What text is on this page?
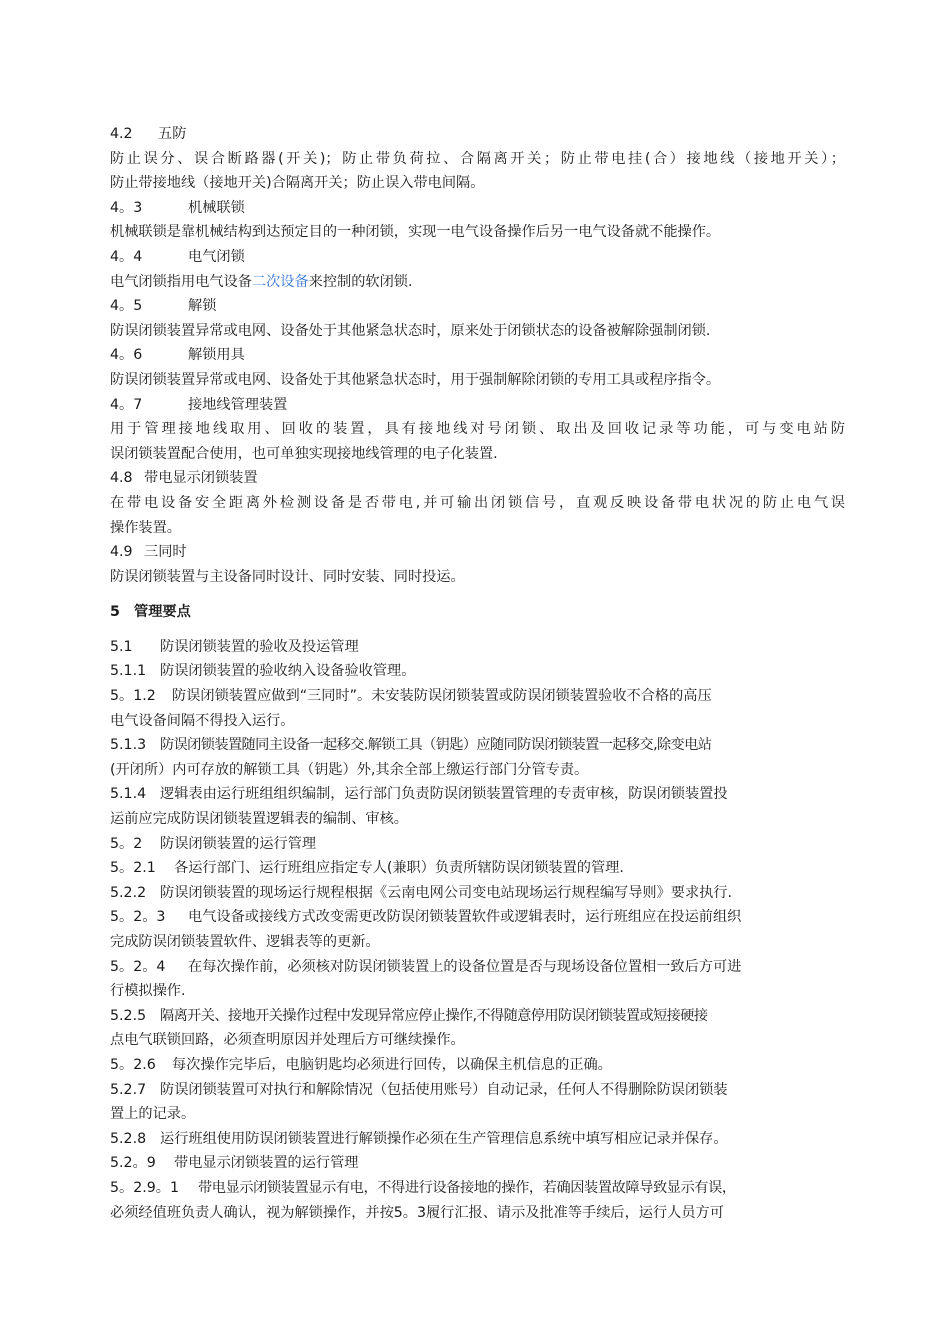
4.2 五防
防止误分、误合断路器(开关)；防止带负荷拉、合隔离开关；防止带电挂(合）接地线（接地开关）；
防止带接地线（接地开关)合隔离开关；防止误入带电间隔。
4。3	机械联锁
机械联锁是靠机械结构到达预定目的一种闭锁，实现一电气设备操作后另一电气设备就不能操作。
4。4	电气闭锁
电气闭锁指用电气设备二次设备来控制的软闭锁.
4。5	解锁
防误闭锁装置异常或电网、设备处于其他紧急状态时，原来处于闭锁状态的设备被解除强制闭锁.
4。6	解锁用具
防误闭锁装置异常或电网、设备处于其他紧急状态时，用于强制解除闭锁的专用工具或程序指令。
4。7	接地线管理装置
用于管理接地线取用、回收的装置，具有接地线对号闭锁、取出及回收记录等功能，可与变电站防
误闭锁装置配合使用，也可单独实现接地线管理的电子化装置.
4.8 带电显示闭锁装置
在带电设备安全距离外检测设备是否带电,并可输出闭锁信号，直观反映设备带电状况的防止电气误
操作装置。
4.9 三同时
防误闭锁装置与主设备同时设计、同时安装、同时投运。
5 管理要点
5.1 防误闭锁装置的验收及投运管理
5.1.1 防误闭锁装置的验收纳入设备验收管理。
5。1.2 防误闭锁装置应做到“三同时”。未安装防误闭锁装置或防误闭锁装置验收不合格的高压
电气设备间隔不得投入运行。
5.1.3 防误闭锁装置随同主设备一起移交.解锁工具（钥匙）应随同防误闭锁装置一起移交,除变电站
(开闭所）内可存放的解锁工具（钥匙）外,其余全部上缴运行部门分管专责。
5.1.4 逻辑表由运行班组组织编制，运行部门负责防误闭锁装置管理的专责审核，防误闭锁装置投
运前应完成防误闭锁装置逻辑表的编制、审核。
5。2 防误闭锁装置的运行管理
5。2.1 各运行部门、运行班组应指定专人(兼职）负责所辖防误闭锁装置的管理.
5.2.2 防误闭锁装置的现场运行规程根据《云南电网公司变电站现场运行规程编写导则》要求执行.
5。2。3 电气设备或接线方式改变需更改防误闭锁装置软件或逻辑表时，运行班组应在投运前组织
完成防误闭锁装置软件、逻辑表等的更新。
5。2。4 在每次操作前，必须核对防误闭锁装置上的设备位置是否与现场设备位置相一致后方可进
行模拟操作.
5.2.5 隔离开关、接地开关操作过程中发现异常应停止操作,不得随意停用防误闭锁装置或短接硬接
点电气联锁回路，必须查明原因并处理后方可继续操作。
5。2.6 每次操作完毕后，电脑钥匙均必须进行回传，以确保主机信息的正确。
5.2.7 防误闭锁装置可对执行和解除情况（包括使用账号）自动记录，任何人不得删除防误闭锁装
置上的记录。
5.2.8 运行班组使用防误闭锁装置进行解锁操作必须在生产管理信息系统中填写相应记录并保存。
5.2。9 带电显示闭锁装置的运行管理
5。2.9。1 带电显示闭锁装置显示有电，不得进行设备接地的操作，若确因装置故障导致显示有误，
必须经值班负责人确认，视为解锁操作，并按5。3履行汇报、请示及批准等手续后，运行人员方可
